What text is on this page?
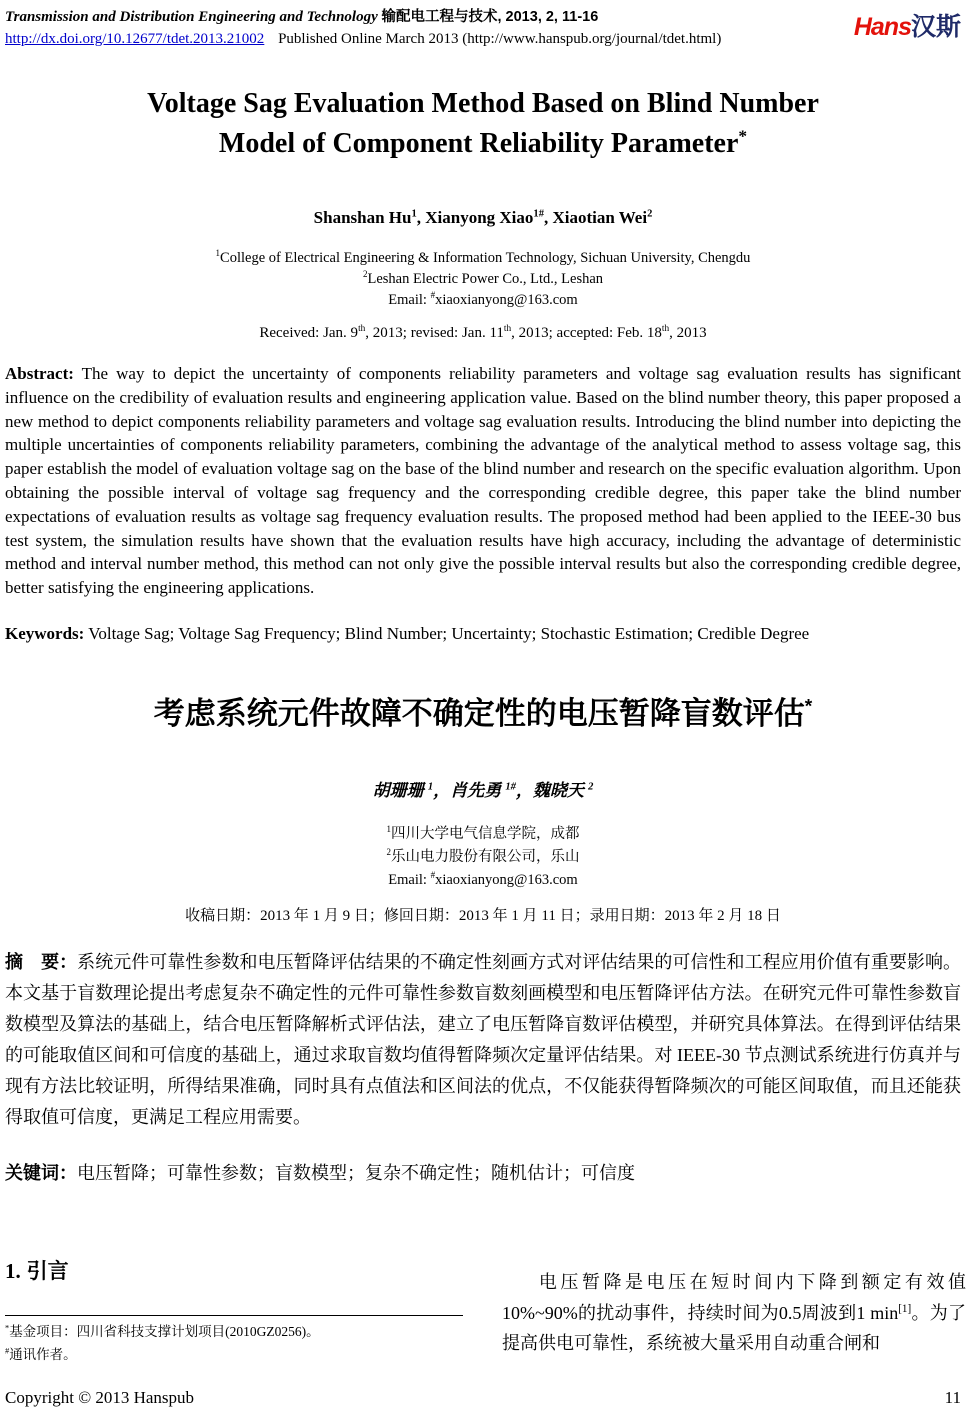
Transmission and Distribution Engineering and Technology 输配电工程与技术, 2013, 2, 11-16
http://dx.doi.org/10.12677/tdet.2013.21002 Published Online March 2013 (http://www.hanspub.org/journal/tdet.html)	Hans汉斯
Voltage Sag Evaluation Method Based on Blind Number
Model of Component Reliability Parameter*
Shanshan Hu$^1$, Xianyong Xiao$^{1\#}$, Xiaotian Wei$^2$
$^1$College of Electrical Engineering & Information Technology, Sichuan University, Chengdu
$^2$Leshan Electric Power Co., Ltd., Leshan
Email: #xiaoxianyong@163.com
Received: Jan. 9th, 2013; revised: Jan. 11th, 2013; accepted: Feb. 18th, 2013

Abstract: The way to depict the uncertainty of components reliability parameters and voltage sag evaluation results has significant influence on the credibility of evaluation results and engineering application value. Based on the blind number theory, this paper proposed a new method to depict components reliability parameters and voltage sag evaluation results. Introducing the blind number into depicting the multiple uncertainties of components reliability parameters, combining the advantage of the analytical method to assess voltage sag, this paper establish the model of evaluation voltage sag on the base of the blind number and research on the specific evaluation algorithm. Upon obtaining the possible interval of voltage sag frequency and the corresponding credible degree, this paper take the blind number expectations of evaluation results as voltage sag frequency evaluation results. The proposed method had been applied to the IEEE-30 bus test system, the simulation results have shown that the evaluation results have high accuracy, including the advantage of deterministic method and interval number method, this method can not only give the possible interval results but also the corresponding credible degree, better satisfying the engineering applications.

Keywords: Voltage Sag; Voltage Sag Frequency; Blind Number; Uncertainty; Stochastic Estimation; Credible Degree

考虑系统元件故障不确定性的电压暂降盲数评估*
胡珊珊 $^1$，肖先勇 $^{1\#}$，魏晓天 $^2$
$^1$四川大学电气信息学院，成都
$^2$乐山电力股份有限公司，乐山
Email: #xiaoxianyong@163.com
收稿日期：2013 年 1 月 9 日；修回日期：2013 年 1 月 11 日；录用日期：2013 年 2 月 18 日

摘　要：系统元件可靠性参数和电压暂降评估结果的不确定性刻画方式对评估结果的可信性和工程应用价值有重要影响。本文基于盲数理论提出考虑复杂不确定性的元件可靠性参数盲数刻画模型和电压暂降评估方法。在研究元件可靠性参数盲数模型及算法的基础上，结合电压暂降解析式评估法，建立了电压暂降盲数评估模型，并研究具体算法。在得到评估结果的可能取值区间和可信度的基础上，通过求取盲数均值得暂降频次定量评估结果。对 IEEE-30 节点测试系统进行仿真并与现有方法比较证明，所得结果准确，同时具有点值法和区间法的优点，不仅能获得暂降频次的可能区间取值，而且还能获得取值可信度，更满足工程应用需要。

关键词：电压暂降；可靠性参数；盲数模型；复杂不确定性；随机估计；可信度

1. 引言
*基金项目：四川省科技支撑计划项目(2010GZ0256)。
#通讯作者。

电压暂降是电压在短时间内下降到额定有效值10%~90%的扰动事件，持续时间为0.5周波到1 min[1]。为了提高供电可靠性，系统被大量采用自动重合闸和

Copyright © 2013 Hanspub	11
